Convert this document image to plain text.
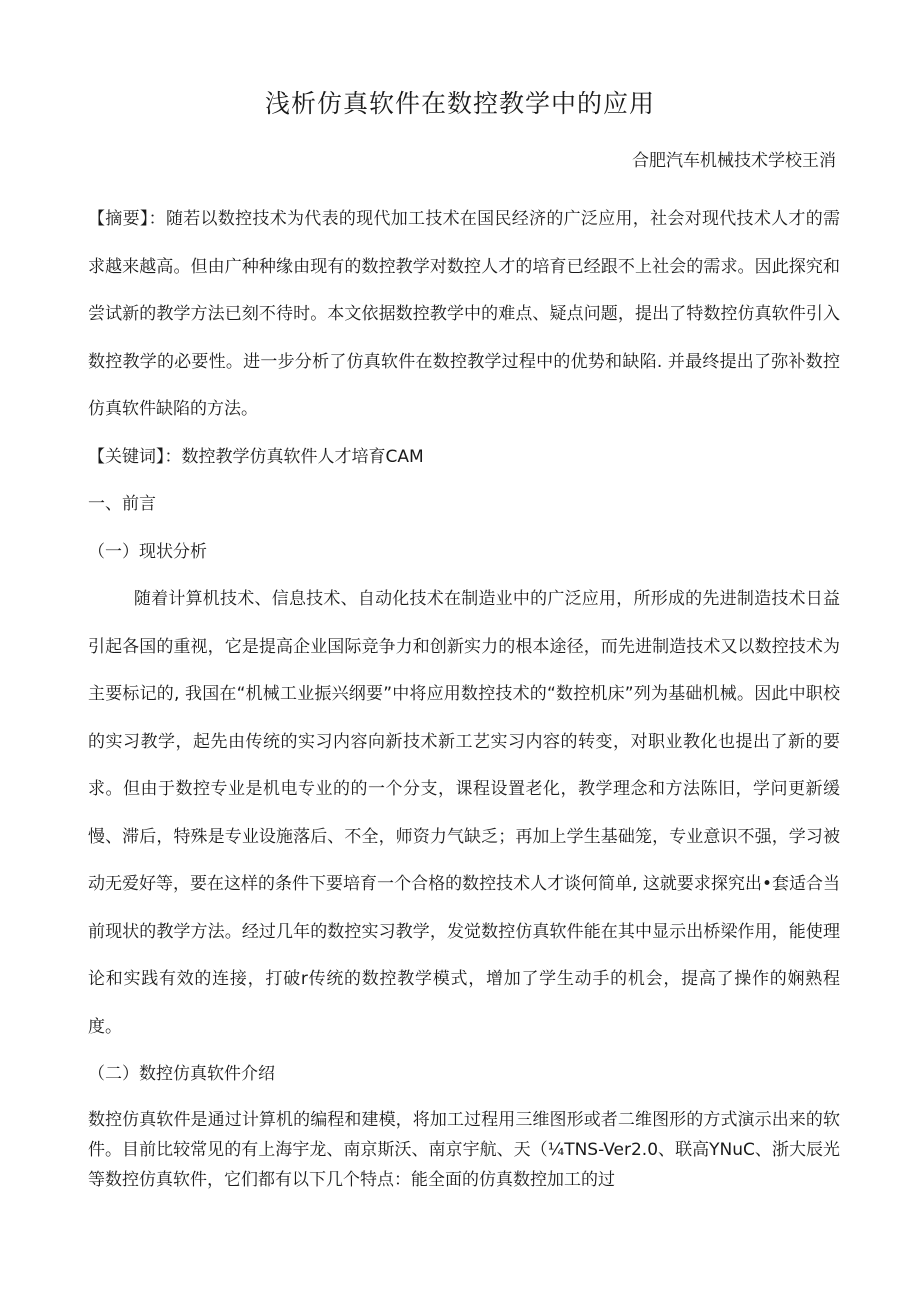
浅析仿真软件在数控教学中的应用
合肥汽车机械技术学校王消

【摘要】：随若以数控技术为代表的现代加工技术在国民经济的广泛应用，社会对现代技术人才的需求越来越高。但由广种种缘由现有的数控教学对数控人才的培育已经跟不上社会的需求。因此探究和尝试新的教学方法已刻不待时。本文依据数控教学中的难点、疑点问题，提出了特数控仿真软件引入数控教学的必要性。进一步分析了仿真软件在数控教学过程中的优势和缺陷. 并最终提出了弥补数控仿真软件缺陷的方法。

【关键词】：数控教学仿真软件人才培育CAM

一、前言

（一）现状分析

随着计算机技术、信息技术、自动化技术在制造业中的广泛应用，所形成的先进制造技术日益引起各国的重视，它是提高企业国际竞争力和创新实力的根本途径，而先进制造技术又以数控技术为主要标记的, 我国在“机械工业振兴纲要”中将应用数控技术的“数控机床”列为基础机械。因此中职校的实习教学，起先由传统的实习内容向新技术新工艺实习内容的转变，对职业教化也提出了新的要求。但由于数控专业是机电专业的的一个分支，课程设置老化，教学理念和方法陈旧，学问更新缓慢、滞后，特殊是专业设施落后、不全，师资力气缺乏；再加上学生基础笼，专业意识不强，学习被动无爱好等，要在这样的条件下要培育一个合格的数控技术人才谈何简单, 这就要求探究出•套适合当前现状的教学方法。经过几年的数控实习教学，发觉数控仿真软件能在其中显示出桥梁作用，能使理论和实践有效的连接，打破r传统的数控教学模式，增加了学生动手的机会，提高了操作的娴熟程度。

（二）数控仿真软件介绍

数控仿真软件是通过计算机的编程和建模，将加工过程用三维图形或者二维图形的方式演示出来的软件。目前比较常见的有上海宇龙、南京斯沃、南京宇航、天（¼TNS-Ver2.0、联高YNuC、浙大辰光等数控仿真软件，它们都有以下几个特点：能全面的仿真数控加工的过
